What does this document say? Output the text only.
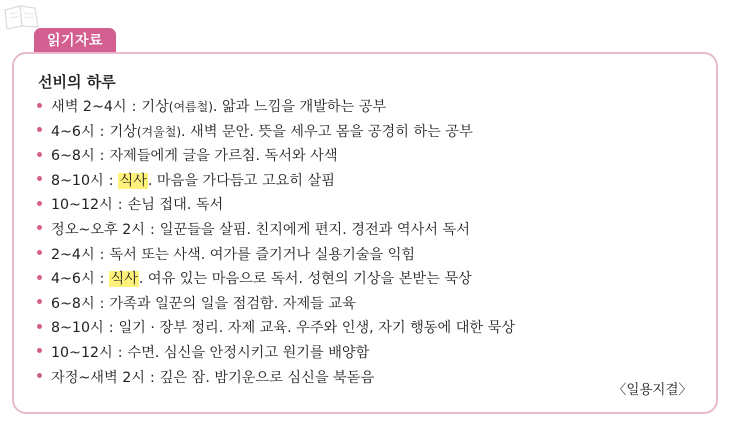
읽기자료
선비의 하루
새벽 2~4시 : 기상(여름철). 앎과 느낌을 개발하는 공부
4~6시 : 기상(겨울철). 새벽 문안. 뜻을 세우고 몸을 공경히 하는 공부
6~8시 : 자제들에게 글을 가르침. 독서와 사색
8~10시 : 식사. 마음을 가다듬고 고요히 살핌
10~12시 : 손님 접대. 독서
정오~오후 2시 : 일꾼들을 살핌. 친지에게 편지. 경전과 역사서 독서
2~4시 : 독서 또는 사색. 여가를 즐기거나 실용기술을 익힘
4~6시 : 식사. 여유 있는 마음으로 독서. 성현의 기상을 본받는 묵상
6~8시 : 가족과 일꾼의 일을 점검함. 자제들 교육
8~10시 : 일기 · 장부 정리. 자제 교육. 우주와 인생, 자기 행동에 대한 묵상
10~12시 : 수면. 심신을 안정시키고 원기를 배양함
자정~새벽 2시 : 깊은 잠. 밤기운으로 심신을 북돋음
〈일용지결〉
